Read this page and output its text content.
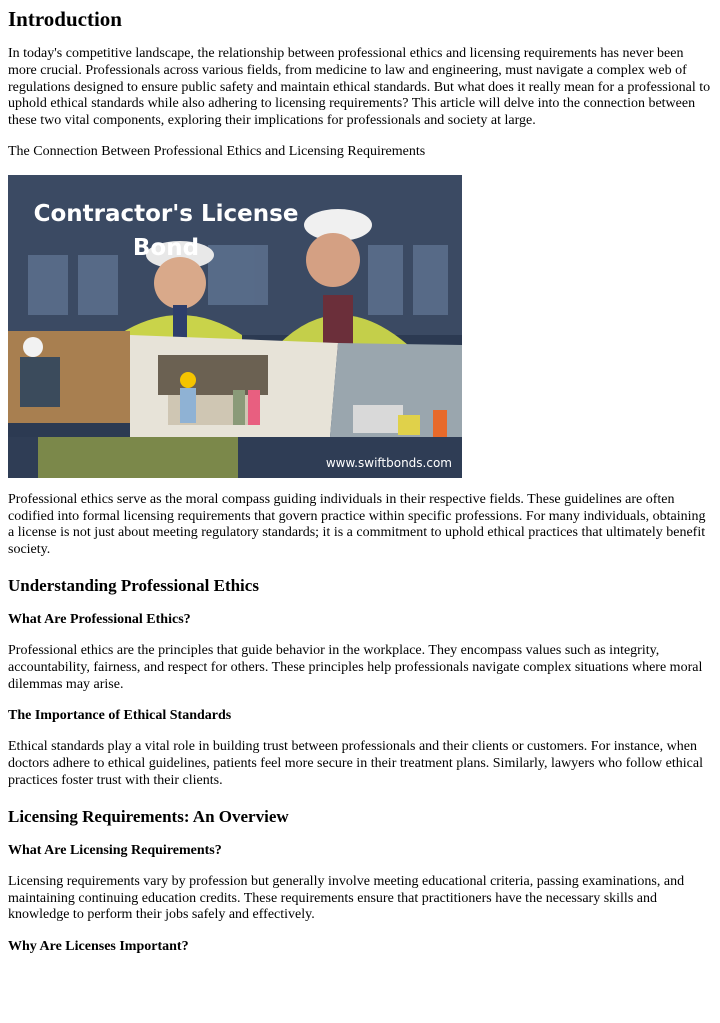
Introduction

In today's competitive landscape, the relationship between professional ethics and licensing requirements has never been more crucial. Professionals across various fields, from medicine to law and engineering, must navigate a complex web of regulations designed to ensure public safety and maintain ethical standards. But what does it really mean for a professional to uphold ethical standards while also adhering to licensing requirements? This article will delve into the connection between these two vital components, exploring their implications for professionals and society at large.

The Connection Between Professional Ethics and Licensing Requirements

Contractor's License
Bond
www.swiftbonds.com

Professional ethics serve as the moral compass guiding individuals in their respective fields. These guidelines are often codified into formal licensing requirements that govern practice within specific professions. For many individuals, obtaining a license is not just about meeting regulatory standards; it is a commitment to uphold ethical practices that ultimately benefit society.

Understanding Professional Ethics
What Are Professional Ethics?

Professional ethics are the principles that guide behavior in the workplace. They encompass values such as integrity, accountability, fairness, and respect for others. These principles help professionals navigate complex situations where moral dilemmas may arise.

The Importance of Ethical Standards

Ethical standards play a vital role in building trust between professionals and their clients or customers. For instance, when doctors adhere to ethical guidelines, patients feel more secure in their treatment plans. Similarly, lawyers who follow ethical practices foster trust with their clients.

Licensing Requirements: An Overview
What Are Licensing Requirements?

Licensing requirements vary by profession but generally involve meeting educational criteria, passing examinations, and maintaining continuing education credits. These requirements ensure that practitioners have the necessary skills and knowledge to perform their jobs safely and effectively.

Why Are Licenses Important?
